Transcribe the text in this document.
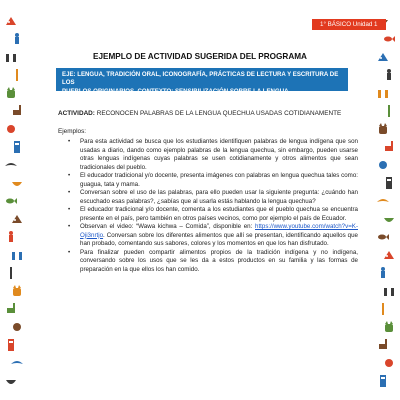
1° BÁSICO Unidad 1
EJEMPLO DE ACTIVIDAD SUGERIDA DEL PROGRAMA
EJE: LENGUA, TRADICIÓN ORAL, ICONOGRAFÍA, PRÁCTICAS DE LECTURA Y ESCRITURA DE LOS
PUEBLOS ORIGINARIOS. CONTEXTO: SENSIBILIZACIÓN SOBRE LA LENGUA.
ACTIVIDAD: RECONOCEN PALABRAS DE LA LENGUA QUECHUA USADAS COTIDIANAMENTE
Ejemplos:
• Para esta actividad se busca que los estudiantes identifiquen palabras de lengua indígena que son usadas a diario, dando como ejemplo palabras de la lengua quechua, sin embargo, pueden usarse otras lenguas indígenas cuyas palabras se usen cotidianamente y otros alimentos que sean tradicionales del pueblo.
• El educador tradicional y/o docente, presenta imágenes con palabras en lengua quechua tales como: guagua, tata y mama.
• Conversan sobre el uso de las palabras, para ello pueden usar la siguiente pregunta: ¿cuándo han escuchado esas palabras?, ¿sabías que al usarla estás hablando la lengua quechua?
• El educador tradicional y/o docente, comenta a los estudiantes que el pueblo quechua se encuentra presente en el país, pero también en otros países vecinos, como por ejemplo el país de Ecuador.
• Observan el video: “Wawa kichwa – Comida”, disponible en: https://www.youtube.com/watch?v=K-Oji3nrtjo. Conversan sobre los diferentes alimentos que allí se presentan, identificando aquellos que han probado, comentando sus sabores, colores y los momentos en que los han disfrutado.
• Para finalizar pueden compartir alimentos propios de la tradición indígena y no indígena, conversando sobre los usos que se les da a estos productos en su familia y las formas de preparación en la que ellos los han comido.
